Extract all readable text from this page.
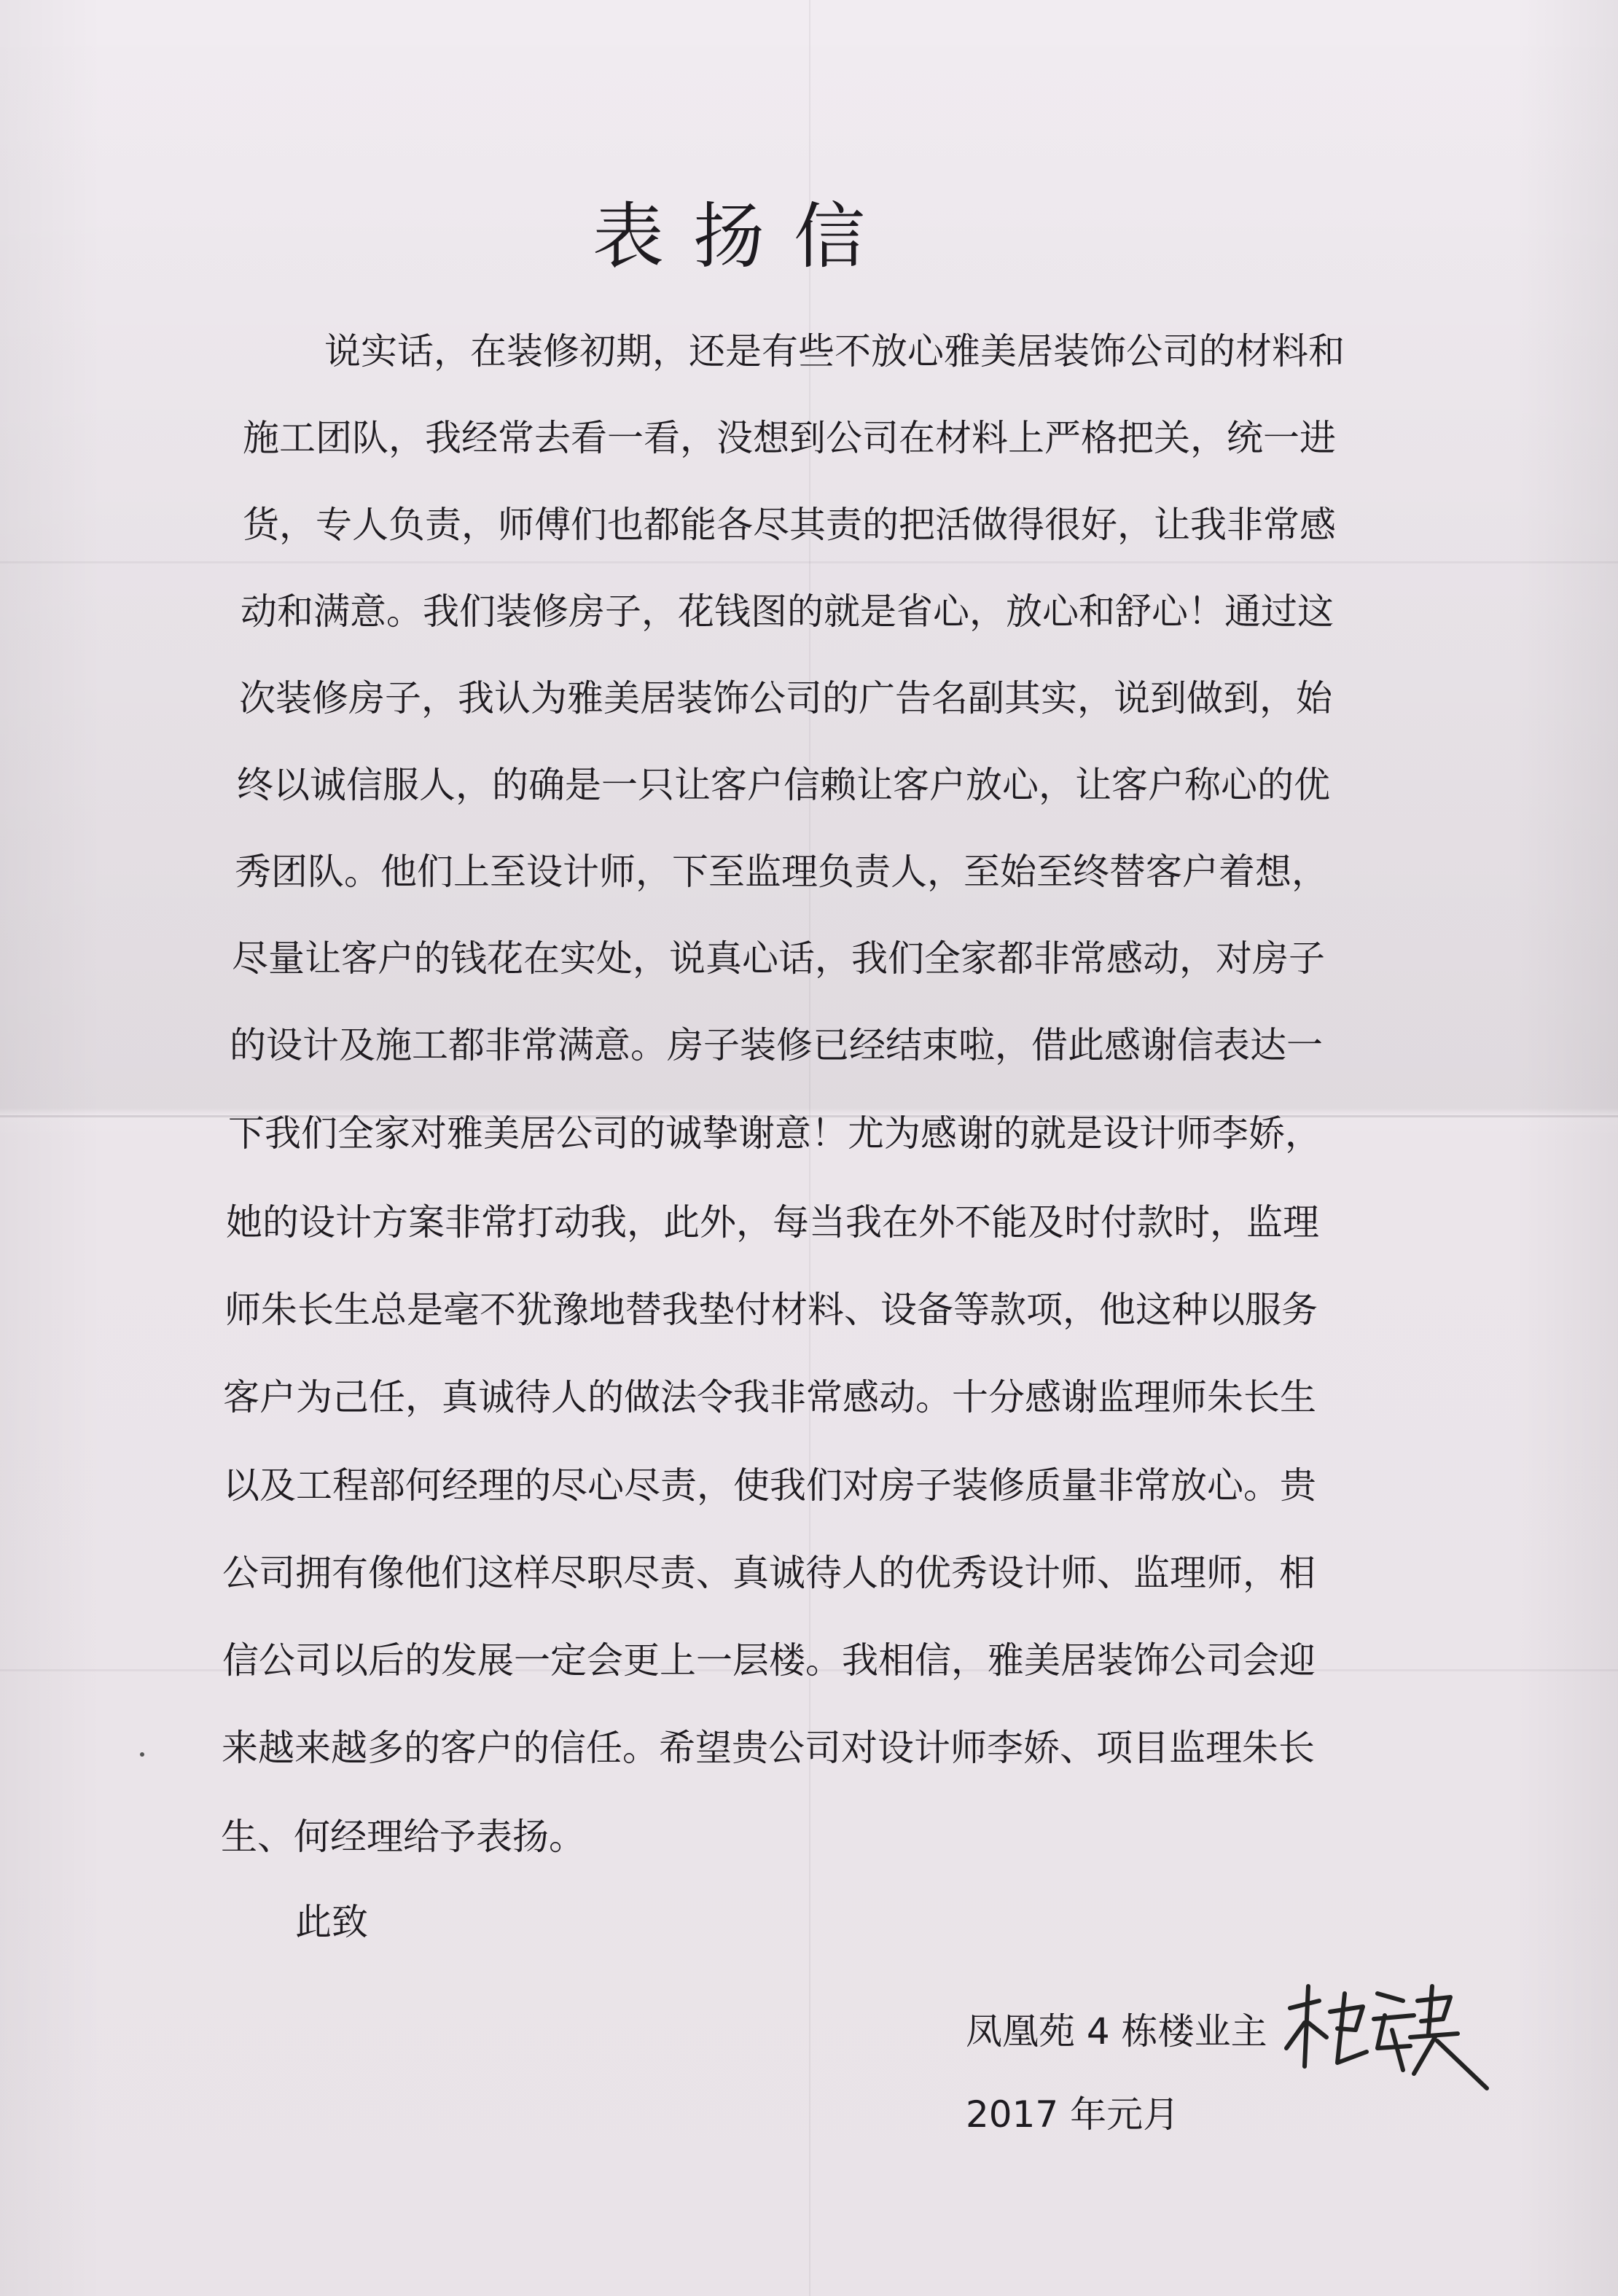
表扬信
说实话，在装修初期，还是有些不放心雅美居装饰公司的材料和
施工团队，我经常去看一看，没想到公司在材料上严格把关，统一进
货，专人负责，师傅们也都能各尽其责的把活做得很好，让我非常感
动和满意。我们装修房子，花钱图的就是省心，放心和舒心！通过这
次装修房子，我认为雅美居装饰公司的广告名副其实，说到做到，始
终以诚信服人，的确是一只让客户信赖让客户放心，让客户称心的优
秀团队。他们上至设计师，下至监理负责人，至始至终替客户着想，
尽量让客户的钱花在实处，说真心话，我们全家都非常感动，对房子
的设计及施工都非常满意。房子装修已经结束啦，借此感谢信表达一
下我们全家对雅美居公司的诚挚谢意！尤为感谢的就是设计师李娇，
她的设计方案非常打动我，此外，每当我在外不能及时付款时，监理
师朱长生总是毫不犹豫地替我垫付材料、设备等款项，他这种以服务
客户为己任，真诚待人的做法令我非常感动。十分感谢监理师朱长生
以及工程部何经理的尽心尽责，使我们对房子装修质量非常放心。贵
公司拥有像他们这样尽职尽责、真诚待人的优秀设计师、监理师，相
信公司以后的发展一定会更上一层楼。我相信，雅美居装饰公司会迎
来越来越多的客户的信任。希望贵公司对设计师李娇、项目监理朱长
生、何经理给予表扬。
此致
凤凰苑 4 栋楼业主
2017 年元月
